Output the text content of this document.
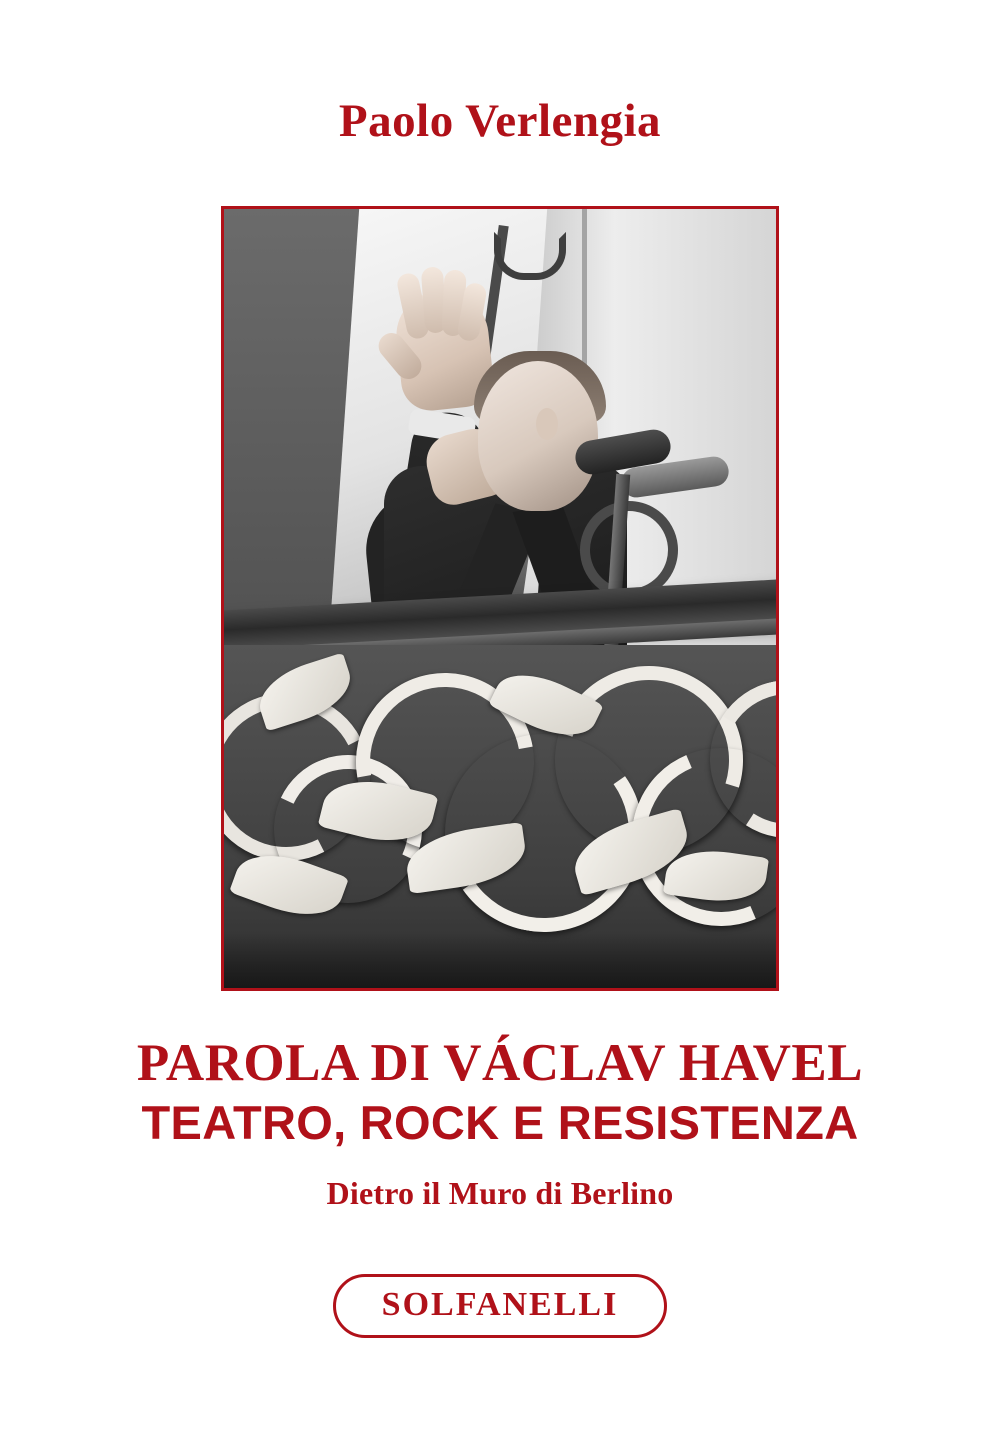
Paolo Verlengia
PAROLA DI VÁCLAV HAVEL
TEATRO, ROCK E RESISTENZA

Dietro il Muro di Berlino

SOLFANELLI
